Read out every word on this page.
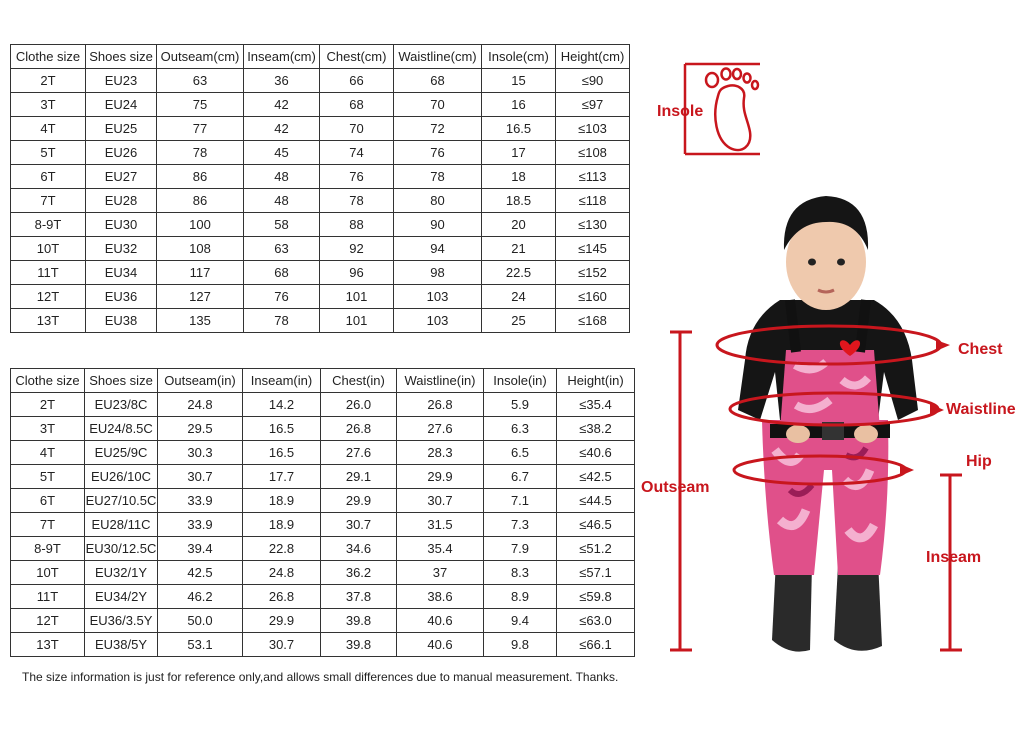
Clothe size	Shoes size	Outseam(cm)	Inseam(cm)	Chest(cm)	Waistline(cm)	Insole(cm)	Height(cm)
2T	EU23	63	36	66	68	15	≤90
3T	EU24	75	42	68	70	16	≤97
4T	EU25	77	42	70	72	16.5	≤103
5T	EU26	78	45	74	76	17	≤108
6T	EU27	86	48	76	78	18	≤113
7T	EU28	86	48	78	80	18.5	≤118
8-9T	EU30	100	58	88	90	20	≤130
10T	EU32	108	63	92	94	21	≤145
11T	EU34	117	68	96	98	22.5	≤152
12T	EU36	127	76	101	103	24	≤160
13T	EU38	135	78	101	103	25	≤168
Clothe size	Shoes size	Outseam(in)	Inseam(in)	Chest(in)	Waistline(in)	Insole(in)	Height(in)
2T	EU23/8C	24.8	14.2	26.0	26.8	5.9	≤35.4
3T	EU24/8.5C	29.5	16.5	26.8	27.6	6.3	≤38.2
4T	EU25/9C	30.3	16.5	27.6	28.3	6.5	≤40.6
5T	EU26/10C	30.7	17.7	29.1	29.9	6.7	≤42.5
6T	EU27/10.5C	33.9	18.9	29.9	30.7	7.1	≤44.5
7T	EU28/11C	33.9	18.9	30.7	31.5	7.3	≤46.5
8-9T	EU30/12.5C	39.4	22.8	34.6	35.4	7.9	≤51.2
10T	EU32/1Y	42.5	24.8	36.2	37	8.3	≤57.1
11T	EU34/2Y	46.2	26.8	37.8	38.6	8.9	≤59.8
12T	EU36/3.5Y	50.0	29.9	39.8	40.6	9.4	≤63.0
13T	EU38/5Y	53.1	30.7	39.8	40.6	9.8	≤66.1
The size information is just for reference only,and allows small differences due to manual measurement. Thanks.
Insole
Chest
Waistline
Hip
Outseam
Inseam
